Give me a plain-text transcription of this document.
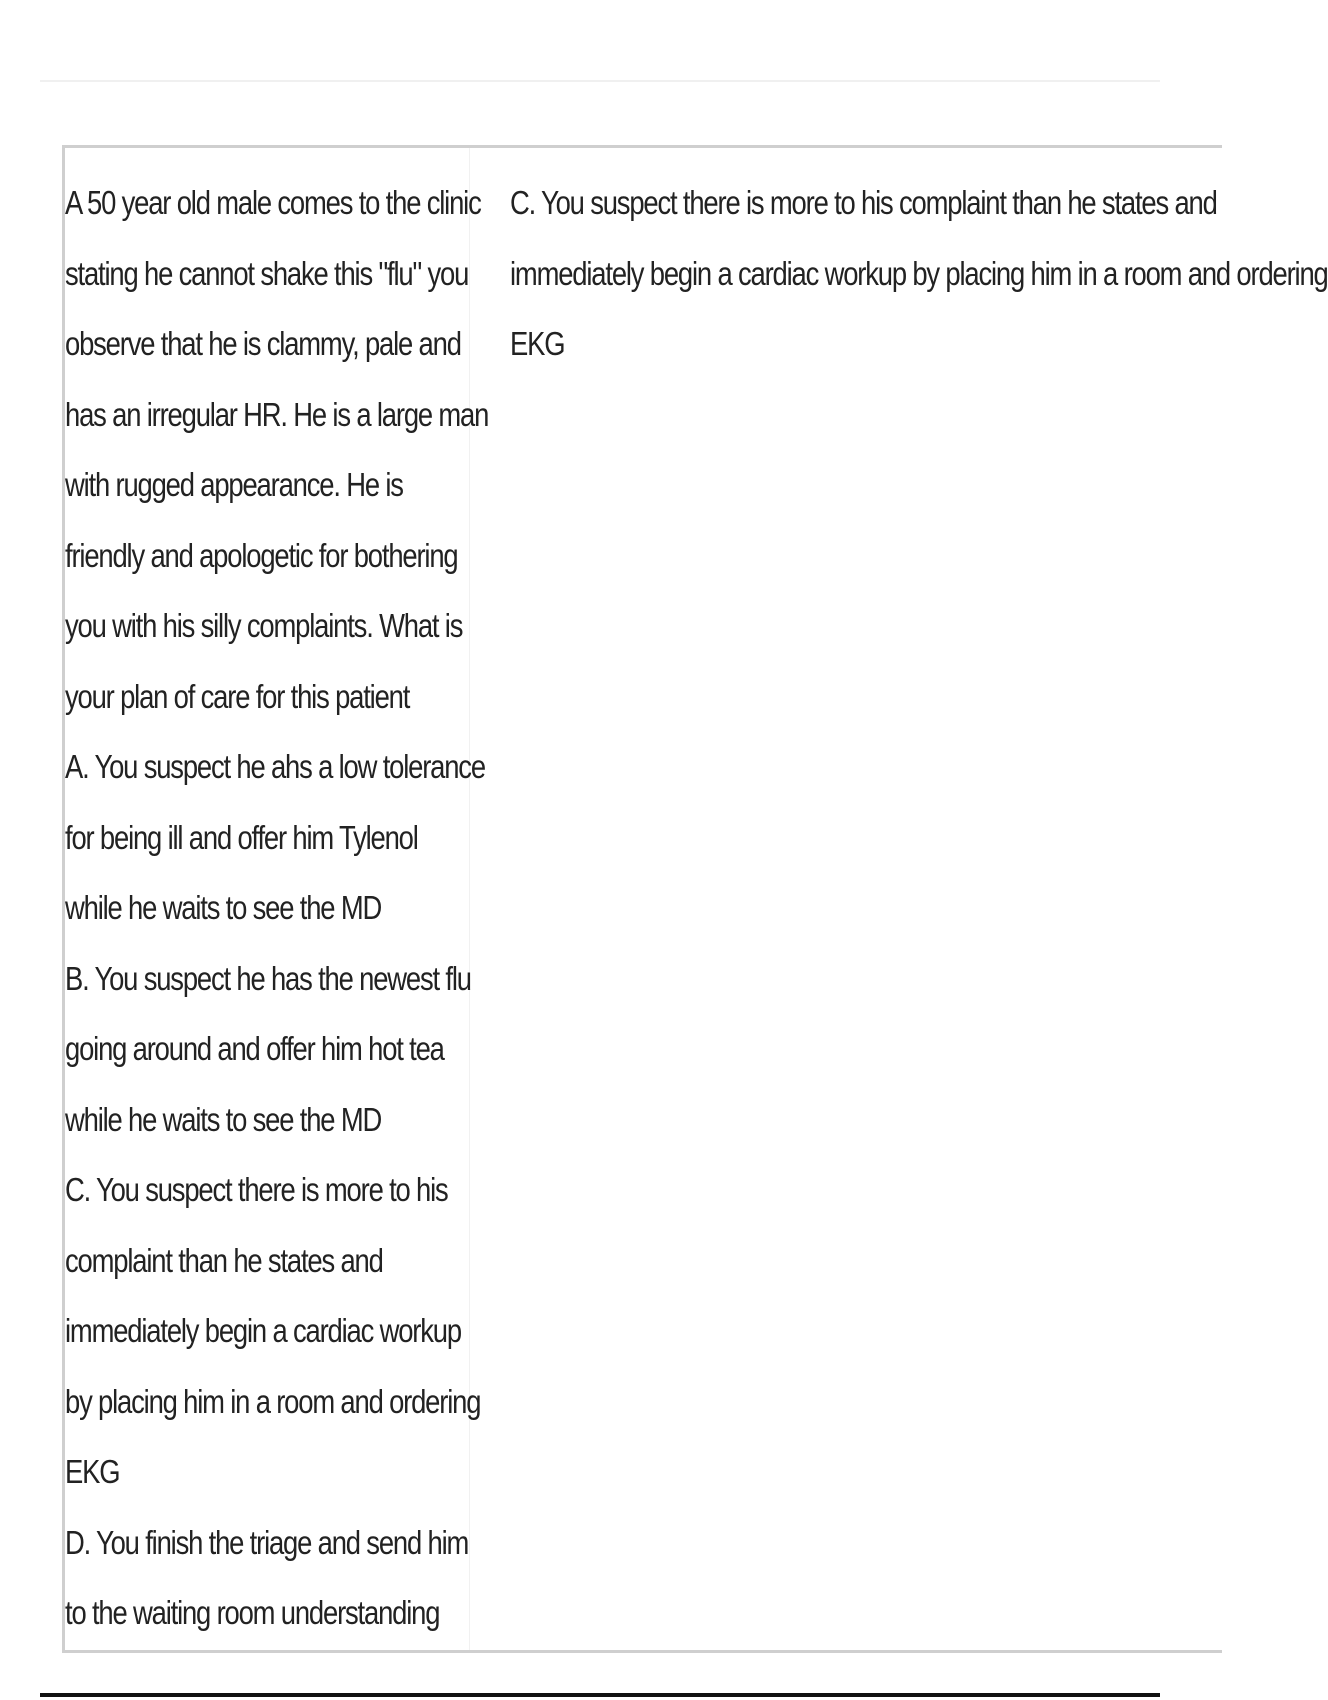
A 50 year old male comes to the clinic
stating he cannot shake this "flu" you
observe that he is clammy, pale and
has an irregular HR. He is a large man
with rugged appearance. He is
friendly and apologetic for bothering
you with his silly complaints. What is
your plan of care for this patient
A. You suspect he ahs a low tolerance
for being ill and offer him Tylenol
while he waits to see the MD
B. You suspect he has the newest flu
going around and offer him hot tea
while he waits to see the MD
C. You suspect there is more to his
complaint than he states and
immediately begin a cardiac workup
by placing him in a room and ordering
EKG
D. You finish the triage and send him
to the waiting room understanding
C. You suspect there is more to his complaint than he states and
immediately begin a cardiac workup by placing him in a room and ordering
EKG
